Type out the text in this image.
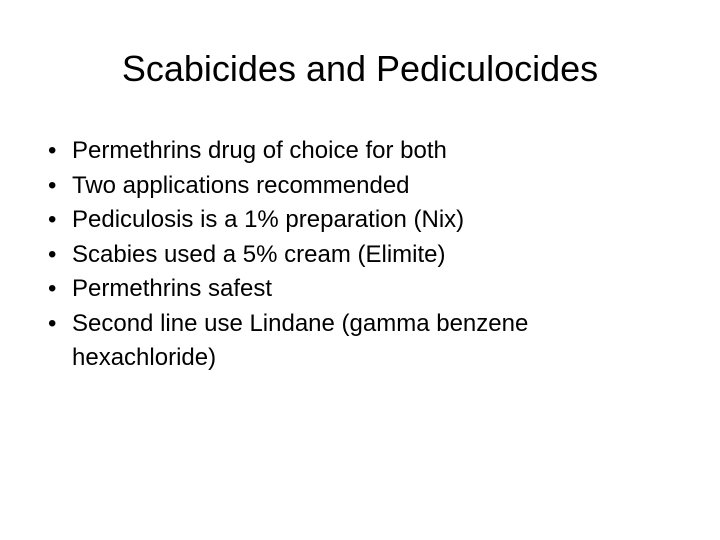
Scabicides and Pediculocides
• Permethrins drug of choice for both
• Two applications recommended
• Pediculosis is a 1% preparation (Nix)
• Scabies used a 5% cream (Elimite)
• Permethrins safest
• Second line use Lindane (gamma benzene hexachloride)
